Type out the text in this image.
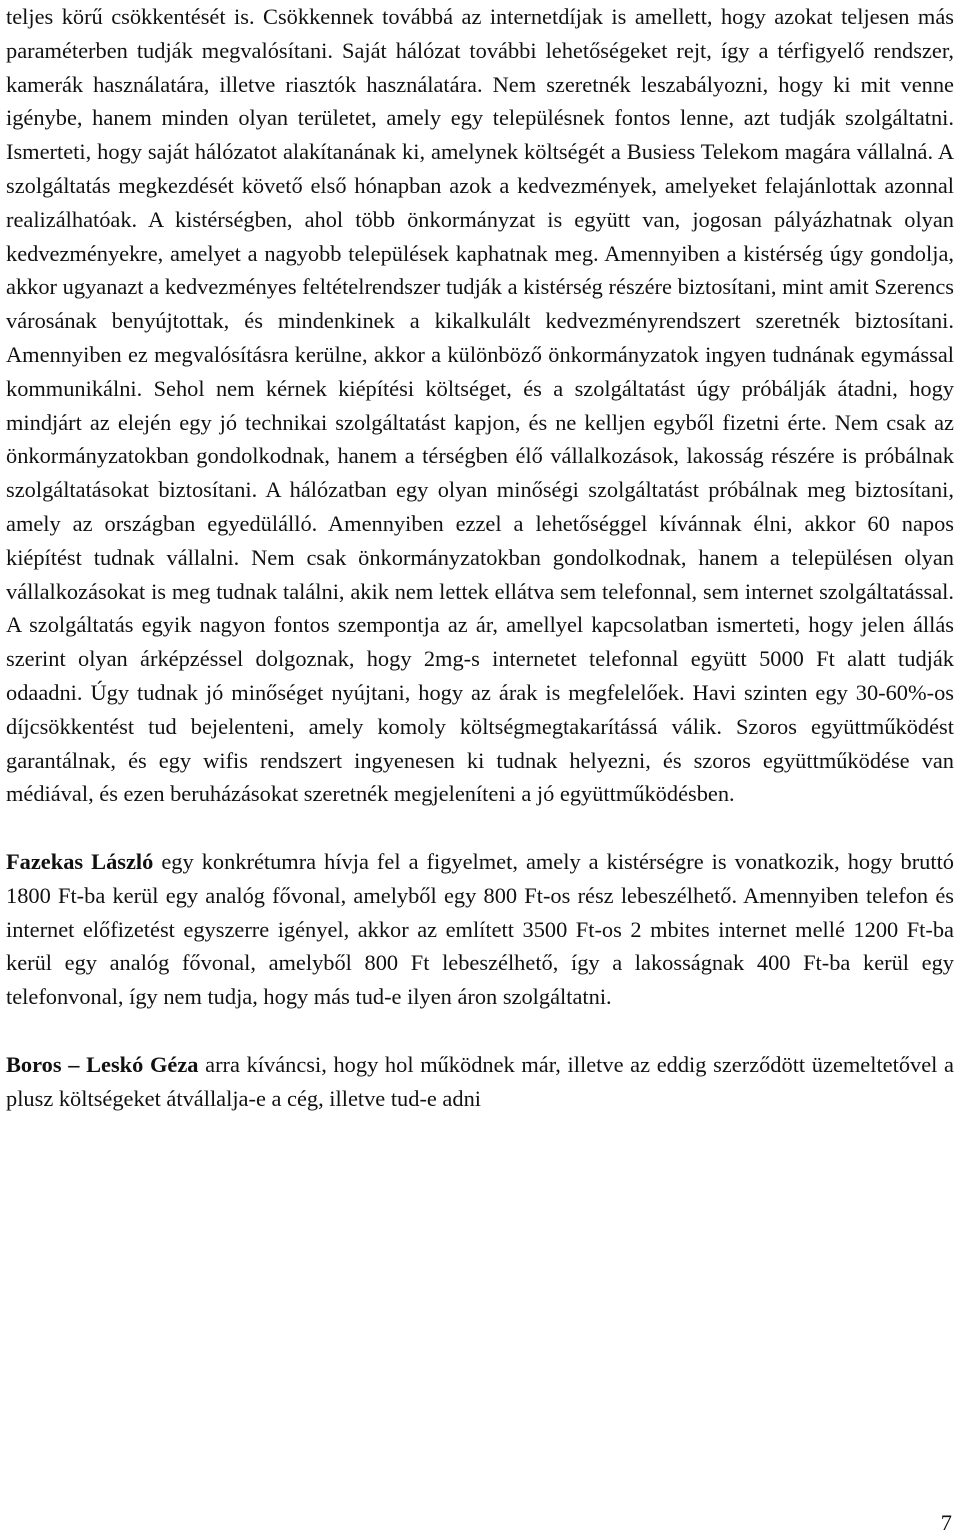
teljes körű csökkentését is. Csökkennek továbbá az internetdíjak is amellett, hogy azokat teljesen más paraméterben tudják megvalósítani. Saját hálózat további lehetőségeket rejt, így a térfigyelő rendszer, kamerák használatára, illetve riasztók használatára. Nem szeretnék leszabályozni, hogy ki mit venne igénybe, hanem minden olyan területet, amely egy településnek fontos lenne, azt tudják szolgáltatni. Ismerteti, hogy saját hálózatot alakítanának ki, amelynek költségét a Busiess Telekom magára vállalná. A szolgáltatás megkezdését követő első hónapban azok a kedvezmények, amelyeket felajánlottak azonnal realizálhatóak. A kistérségben, ahol több önkormányzat is együtt van, jogosan pályázhatnak olyan kedvezményekre, amelyet a nagyobb települések kaphatnak meg. Amennyiben a kistérség úgy gondolja, akkor ugyanazt a kedvezményes feltételrendszer tudják a kistérség részére biztosítani, mint amit Szerencs városának benyújtottak, és mindenkinek a kikalkulált kedvezményrendszert szeretnék biztosítani. Amennyiben ez megvalósításra kerülne, akkor a különböző önkormányzatok ingyen tudnának egymással kommunikálni. Sehol nem kérnek kiépítési költséget, és a szolgáltatást úgy próbálják átadni, hogy mindjárt az elején egy jó technikai szolgáltatást kapjon, és ne kelljen egyből fizetni érte. Nem csak az önkormányzatokban gondolkodnak, hanem a térségben élő vállalkozások, lakosság részére is próbálnak szolgáltatásokat biztosítani. A hálózatban egy olyan minőségi szolgáltatást próbálnak meg biztosítani, amely az országban egyedülálló. Amennyiben ezzel a lehetőséggel kívánnak élni, akkor 60 napos kiépítést tudnak vállalni. Nem csak önkormányzatokban gondolkodnak, hanem a településen olyan vállalkozásokat is meg tudnak találni, akik nem lettek ellátva sem telefonnal, sem internet szolgáltatással. A szolgáltatás egyik nagyon fontos szempontja az ár, amellyel kapcsolatban ismerteti, hogy jelen állás szerint olyan árképzéssel dolgoznak, hogy 2mg-s internetet telefonnal együtt 5000 Ft alatt tudják odaadni. Úgy tudnak jó minőséget nyújtani, hogy az árak is megfelelőek. Havi szinten egy 30-60%-os díjcsökkentést tud bejelenteni, amely komoly költségmegtakarítássá válik. Szoros együttműködést garantálnak, és egy wifis rendszert ingyenesen ki tudnak helyezni, és szoros együttműködése van médiával, és ezen beruházásokat szeretnék megjeleníteni a jó együttműködésben.

Fazekas László egy konkrétumra hívja fel a figyelmet, amely a kistérségre is vonatkozik, hogy bruttó 1800 Ft-ba kerül egy analóg fővonal, amelyből egy 800 Ft-os rész lebeszélhető. Amennyiben telefon és internet előfizetést egyszerre igényel, akkor az említett 3500 Ft-os 2 mbites internet mellé 1200 Ft-ba kerül egy analóg fővonal, amelyből 800 Ft lebeszélhető, így a lakosságnak 400 Ft-ba kerül egy telefonvonal, így nem tudja, hogy más tud-e ilyen áron szolgáltatni.

Boros – Leskó Géza arra kíváncsi, hogy hol működnek már, illetve az eddig szerződött üzemeltetővel a plusz költségeket átvállalja-e a cég, illetve tud-e adni

7
